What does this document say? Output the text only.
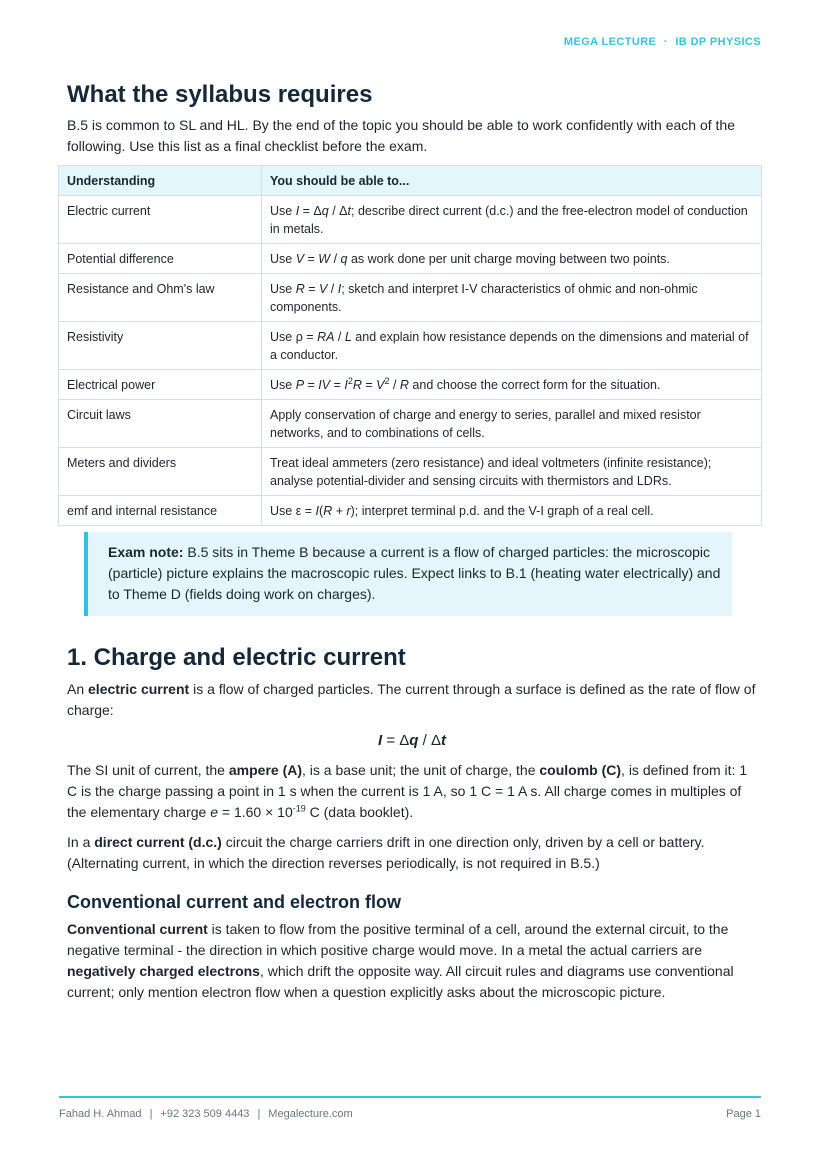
MEGA LECTURE · IB DP PHYSICS
What the syllabus requires

B.5 is common to SL and HL. By the end of the topic you should be able to work confidently with each of the following. Use this list as a final checklist before the exam.

Understanding	You should be able to...
Electric current	Use I = Δq / Δt; describe direct current (d.c.) and the free-electron model of conduction in metals.
Potential difference	Use V = W / q as work done per unit charge moving between two points.
Resistance and Ohm's law	Use R = V / I; sketch and interpret I-V characteristics of ohmic and non-ohmic components.
Resistivity	Use ρ = RA / L and explain how resistance depends on the dimensions and material of a conductor.
Electrical power	Use P = IV = $I^2R = V^2 / R$ and choose the correct form for the situation.
Circuit laws	Apply conservation of charge and energy to series, parallel and mixed resistor networks, and to combinations of cells.
Meters and dividers	Treat ideal ammeters (zero resistance) and ideal voltmeters (infinite resistance); analyse potential-divider and sensing circuits with thermistors and LDRs.
emf and internal resistance	Use ε = I(R + r); interpret terminal p.d. and the V-I graph of a real cell.
Exam note: B.5 sits in Theme B because a current is a flow of charged particles: the microscopic (particle) picture explains the macroscopic rules. Expect links to B.1 (heating water electrically) and to Theme D (fields doing work on charges).
1. Charge and electric current

An electric current is a flow of charged particles. The current through a surface is defined as the rate of flow of charge:

I = Δq / Δt

The SI unit of current, the ampere (A), is a base unit; the unit of charge, the coulomb (C), is defined from it: 1 C is the charge passing a point in 1 s when the current is 1 A, so 1 C = 1 A s. All charge comes in multiples of the elementary charge $e = 1.60 \times 10^{-19}$ C (data booklet).

In a direct current (d.c.) circuit the charge carriers drift in one direction only, driven by a cell or battery. (Alternating current, in which the direction reverses periodically, is not required in B.5.)

Conventional current and electron flow

Conventional current is taken to flow from the positive terminal of a cell, around the external circuit, to the negative terminal - the direction in which positive charge would move. In a metal the actual carriers are negatively charged electrons, which drift the opposite way. All circuit rules and diagrams use conventional current; only mention electron flow when a question explicitly asks about the microscopic picture.

Fahad H. Ahmad | +92 323 509 4443 | Megalecture.com	Page 1
